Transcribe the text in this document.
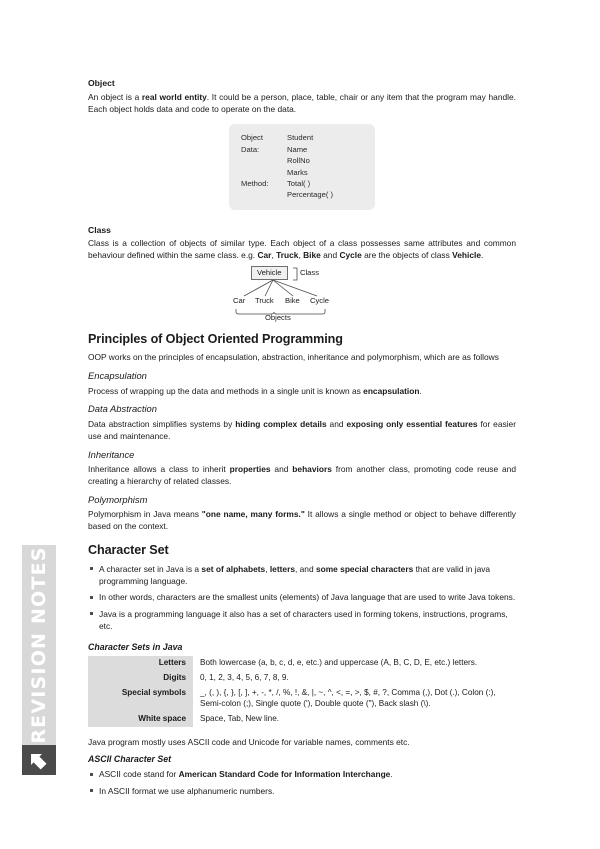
REVISION NOTES
Object

An object is a real world entity. It could be a person, place, table, chair or any item that the program may handle. Each object holds data and code to operate on the data.

Object	Student
Data:	Name
RollNo
Marks
Method:	Total( )
Percentage( )
Class

Class is a collection of objects of similar type. Each object of a class possesses same attributes and common behaviour defined within the same class. e.g. Car, Truck, Bike and Cycle are the objects of class Vehicle.

Vehicle	Class
Car Truck Bike Cycle
Objects
Principles of Object Oriented Programming

OOP works on the principles of encapsulation, abstraction, inheritance and polymorphism, which are as follows

Encapsulation

Process of wrapping up the data and methods in a single unit is known as encapsulation.

Data Abstraction

Data abstraction simplifies systems by hiding complex details and exposing only essential features for easier use and maintenance.

Inheritance

Inheritance allows a class to inherit properties and behaviors from another class, promoting code reuse and creating a hierarchy of related classes.

Polymorphism

Polymorphism in Java means "one name, many forms." It allows a single method or object to behave differently based on the context.

Character Set
A character set in Java is a set of alphabets, letters, and some special characters that are valid in java programming language.
In other words, characters are the smallest units (elements) of Java language that are used to write Java tokens.
Java is a programming language it also has a set of characters used in forming tokens, instructions, programs, etc.
Character Sets in Java
Letters	Both lowercase (a, b, c, d, e, etc.) and uppercase (A, B, C, D, E, etc.) letters.
Digits	0, 1, 2, 3, 4, 5, 6, 7, 8, 9.
Special symbols	_, (, ), {, }, [, ], +, -, *, /, %, !, &, |, ~, ^, <, =, >, $, #, ?, Comma (,), Dot (.), Colon (:), Semi-colon (;), Single quote ('), Double quote ("), Back slash (\).
White space	Space, Tab, New line.

Java program mostly uses ASCII code and Unicode for variable names, comments etc.

ASCII Character Set
ASCII code stand for American Standard Code for Information Interchange.
In ASCII format we use alphanumeric numbers.
